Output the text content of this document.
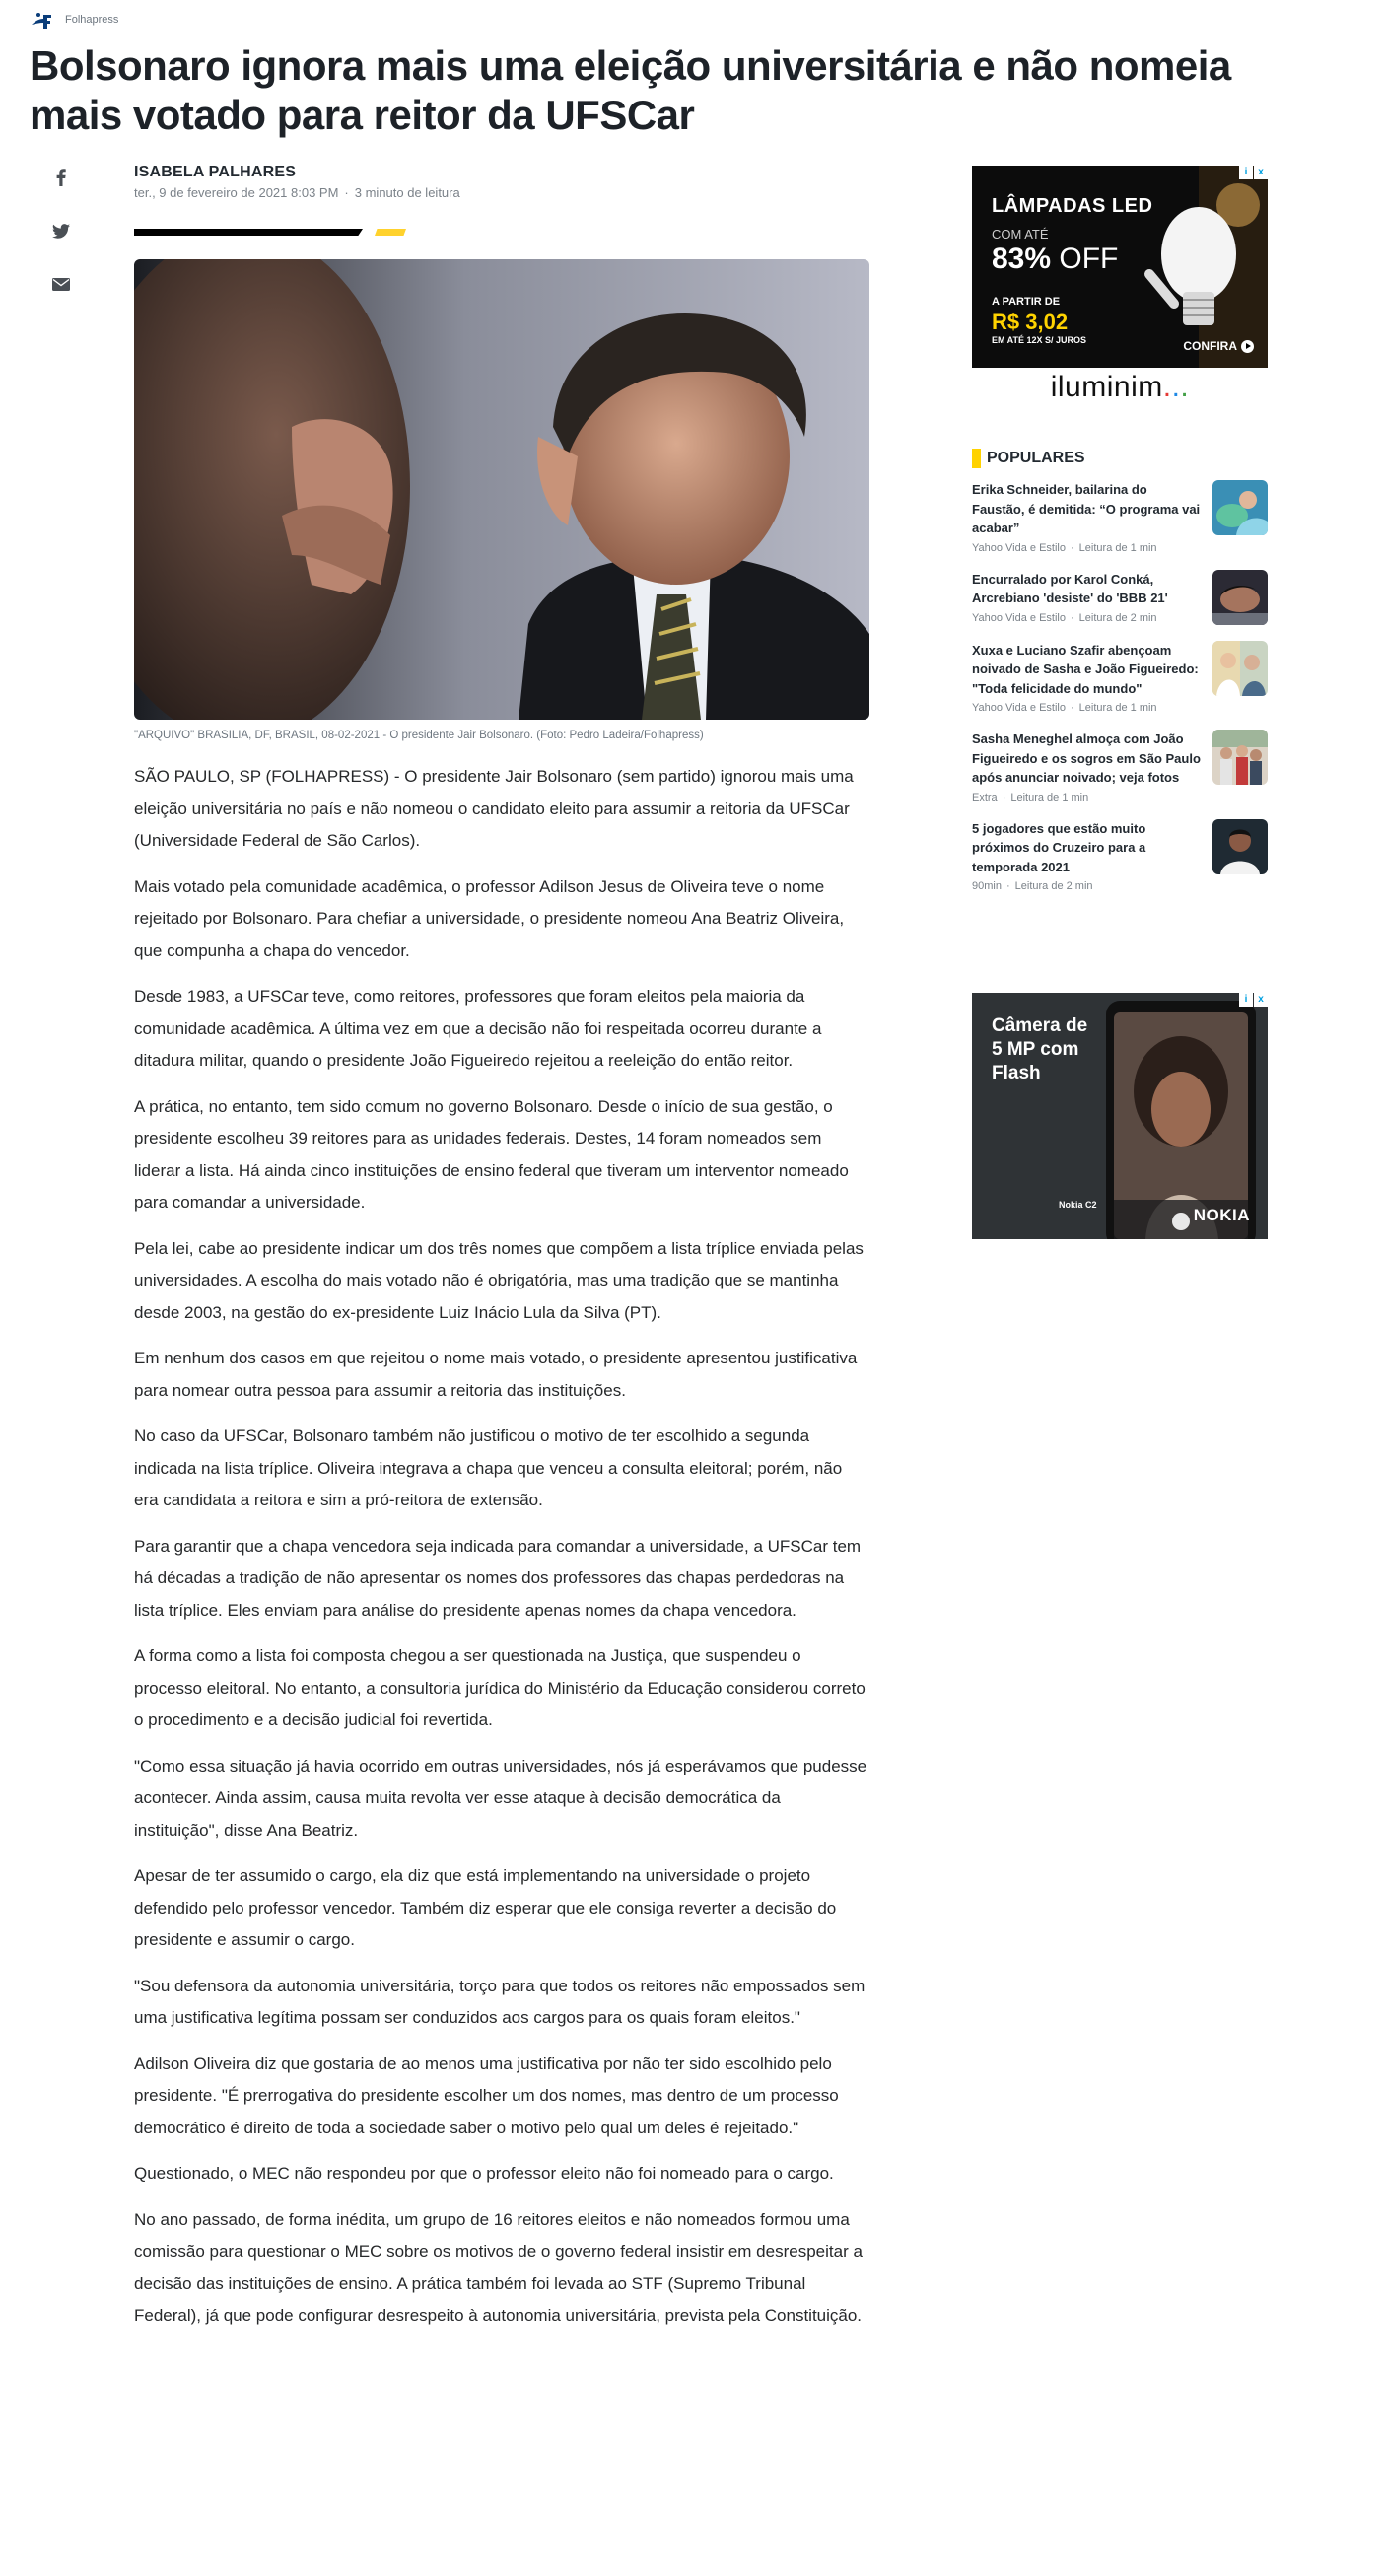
Folhapress
Bolsonaro ignora mais uma eleição universitária e não nomeia mais votado para reitor da UFSCar
ISABELA PALHARES
ter., 9 de fevereiro de 2021 8:03 PM · 3 minuto de leitura
"ARQUIVO" BRASILIA, DF, BRASIL, 08-02-2021 - O presidente Jair Bolsonaro. (Foto: Pedro Ladeira/Folhapress)

SÃO PAULO, SP (FOLHAPRESS) - O presidente Jair Bolsonaro (sem partido) ignorou mais uma eleição universitária no país e não nomeou o candidato eleito para assumir a reitoria da UFSCar (Universidade Federal de São Carlos).

Mais votado pela comunidade acadêmica, o professor Adilson Jesus de Oliveira teve o nome rejeitado por Bolsonaro. Para chefiar a universidade, o presidente nomeou Ana Beatriz Oliveira, que compunha a chapa do vencedor.

Desde 1983, a UFSCar teve, como reitores, professores que foram eleitos pela maioria da comunidade acadêmica. A última vez em que a decisão não foi respeitada ocorreu durante a ditadura militar, quando o presidente João Figueiredo rejeitou a reeleição do então reitor.

A prática, no entanto, tem sido comum no governo Bolsonaro. Desde o início de sua gestão, o presidente escolheu 39 reitores para as unidades federais. Destes, 14 foram nomeados sem liderar a lista. Há ainda cinco instituições de ensino federal que tiveram um interventor nomeado para comandar a universidade.

Pela lei, cabe ao presidente indicar um dos três nomes que compõem a lista tríplice enviada pelas universidades. A escolha do mais votado não é obrigatória, mas uma tradição que se mantinha desde 2003, na gestão do ex-presidente Luiz Inácio Lula da Silva (PT).

Em nenhum dos casos em que rejeitou o nome mais votado, o presidente apresentou justificativa para nomear outra pessoa para assumir a reitoria das instituições.

No caso da UFSCar, Bolsonaro também não justificou o motivo de ter escolhido a segunda indicada na lista tríplice. Oliveira integrava a chapa que venceu a consulta eleitoral; porém, não era candidata a reitora e sim a pró-reitora de extensão.

Para garantir que a chapa vencedora seja indicada para comandar a universidade, a UFSCar tem há décadas a tradição de não apresentar os nomes dos professores das chapas perdedoras na lista tríplice. Eles enviam para análise do presidente apenas nomes da chapa vencedora.

A forma como a lista foi composta chegou a ser questionada na Justiça, que suspendeu o processo eleitoral. No entanto, a consultoria jurídica do Ministério da Educação considerou correto o procedimento e a decisão judicial foi revertida.

"Como essa situação já havia ocorrido em outras universidades, nós já esperávamos que pudesse acontecer. Ainda assim, causa muita revolta ver esse ataque à decisão democrática da instituição", disse Ana Beatriz.

Apesar de ter assumido o cargo, ela diz que está implementando na universidade o projeto defendido pelo professor vencedor. Também diz esperar que ele consiga reverter a decisão do presidente e assumir o cargo.

"Sou defensora da autonomia universitária, torço para que todos os reitores não empossados sem uma justificativa legítima possam ser conduzidos aos cargos para os quais foram eleitos."

Adilson Oliveira diz que gostaria de ao menos uma justificativa por não ter sido escolhido pelo presidente. "É prerrogativa do presidente escolher um dos nomes, mas dentro de um processo democrático é direito de toda a sociedade saber o motivo pelo qual um deles é rejeitado."

Questionado, o MEC não respondeu por que o professor eleito não foi nomeado para o cargo.

No ano passado, de forma inédita, um grupo de 16 reitores eleitos e não nomeados formou uma comissão para questionar o MEC sobre os motivos de o governo federal insistir em desrespeitar a decisão das instituições de ensino. A prática também foi levada ao STF (Supremo Tribunal Federal), já que pode configurar desrespeito à autonomia universitária, prevista pela Constituição.

LÂMPADAS LED
COM ATÉ
83% OFF
A PARTIR DE
R$ 3,02
EM ATÉ 12X S/ JUROS	CONFIRA
i	x
iluminim...
POPULARES
Erika Schneider, bailarina do Faustão, é demitida: “O programa vai acabar”
Yahoo Vida e Estilo · Leitura de 1 min
Encurralado por Karol Conká, Arcrebiano 'desiste' do 'BBB 21'
Yahoo Vida e Estilo · Leitura de 2 min
Xuxa e Luciano Szafir abençoam noivado de Sasha e João Figueiredo: "Toda felicidade do mundo"
Yahoo Vida e Estilo · Leitura de 1 min
Sasha Meneghel almoça com João Figueiredo e os sogros em São Paulo após anunciar noivado; veja fotos
Extra · Leitura de 1 min
5 jogadores que estão muito próximos do Cruzeiro para a temporada 2021
90min · Leitura de 2 min
Câmera de 5 MP com Flash
Nokia C2
NOKIA
i	x
